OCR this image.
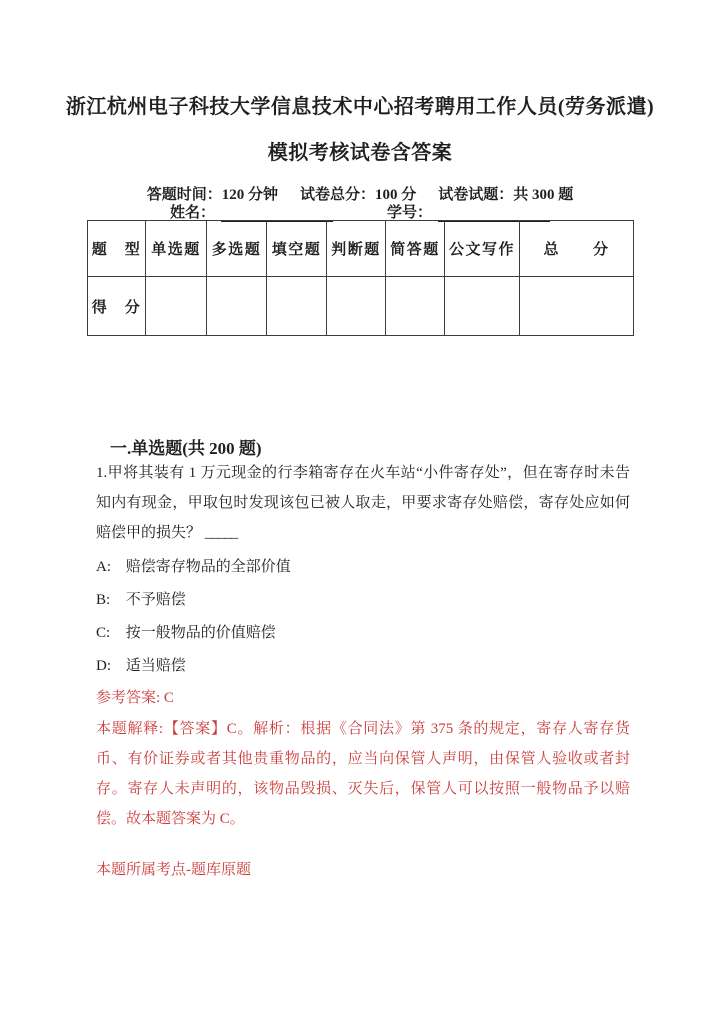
浙江杭州电子科技大学信息技术中心招考聘用工作人员(劳务派遣)
模拟考核试卷含答案
答题时间：120 分钟 试卷总分：100 分 试卷试题：共 300 题
姓名：	学号：
题　型	单选题	多选题	填空题	判断题	简答题	公文写作	总　　分
得　分							
一.单选题(共 200 题)
1.甲将其装有 1 万元现金的行李箱寄存在火车站“小件寄存处”，但在寄存时未告知内有现金，甲取包时发现该包已被人取走，甲要求寄存处赔偿，寄存处应如何赔偿甲的损失？ _____
A: 赔偿寄存物品的全部价值
B: 不予赔偿
C: 按一般物品的价值赔偿
D: 适当赔偿
参考答案: C
本题解释:【答案】C。解析：根据《合同法》第 375 条的规定，寄存人寄存货币、有价证券或者其他贵重物品的，应当向保管人声明，由保管人验收或者封存。寄存人未声明的，该物品毁损、灭失后，保管人可以按照一般物品予以赔偿。故本题答案为 C。
本题所属考点-题库原题
